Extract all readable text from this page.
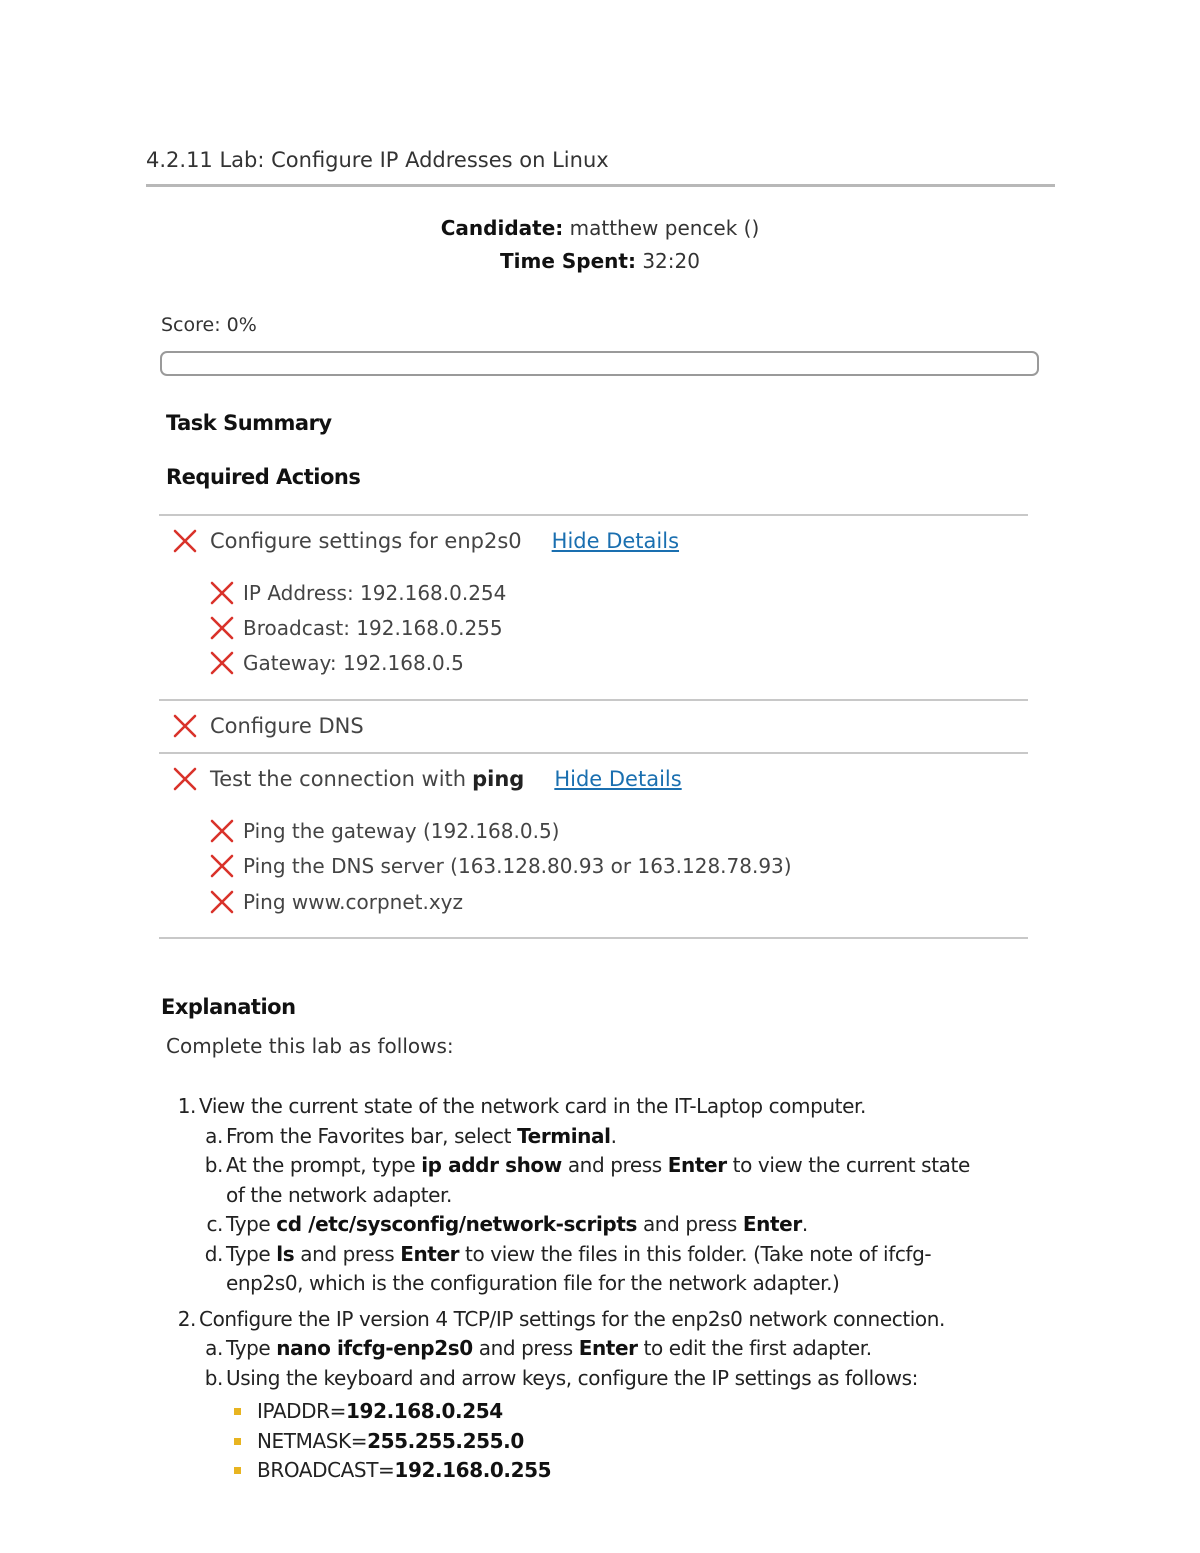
4.2.11 Lab: Configure IP Addresses on Linux
Candidate: matthew pencek ()
Time Spent: 32:20
Score: 0%
Task Summary
Required Actions
Configure settings for enp2s0 Hide Details
IP Address: 192.168.0.254
Broadcast: 192.168.0.255
Gateway: 192.168.0.5
Configure DNS
Test the connection with ping Hide Details
Ping the gateway (192.168.0.5)
Ping the DNS server (163.128.80.93 or 163.128.78.93)
Ping www.corpnet.xyz
Explanation
Complete this lab as follows:
1. View the current state of the network card in the IT-Laptop computer.
a. From the Favorites bar, select Terminal.
b. At the prompt, type ip addr show and press Enter to view the current state
of the network adapter.
c. Type cd /etc/sysconfig/network-scripts and press Enter.
d. Type ls and press Enter to view the files in this folder. (Take note of ifcfg-
enp2s0, which is the configuration file for the network adapter.)
2. Configure the IP version 4 TCP/IP settings for the enp2s0 network connection.
a. Type nano ifcfg-enp2s0 and press Enter to edit the first adapter.
b. Using the keyboard and arrow keys, configure the IP settings as follows:
IPADDR= 192.168.0.254
NETMASK= 255.255.255.0
BROADCAST= 192.168.0.255
